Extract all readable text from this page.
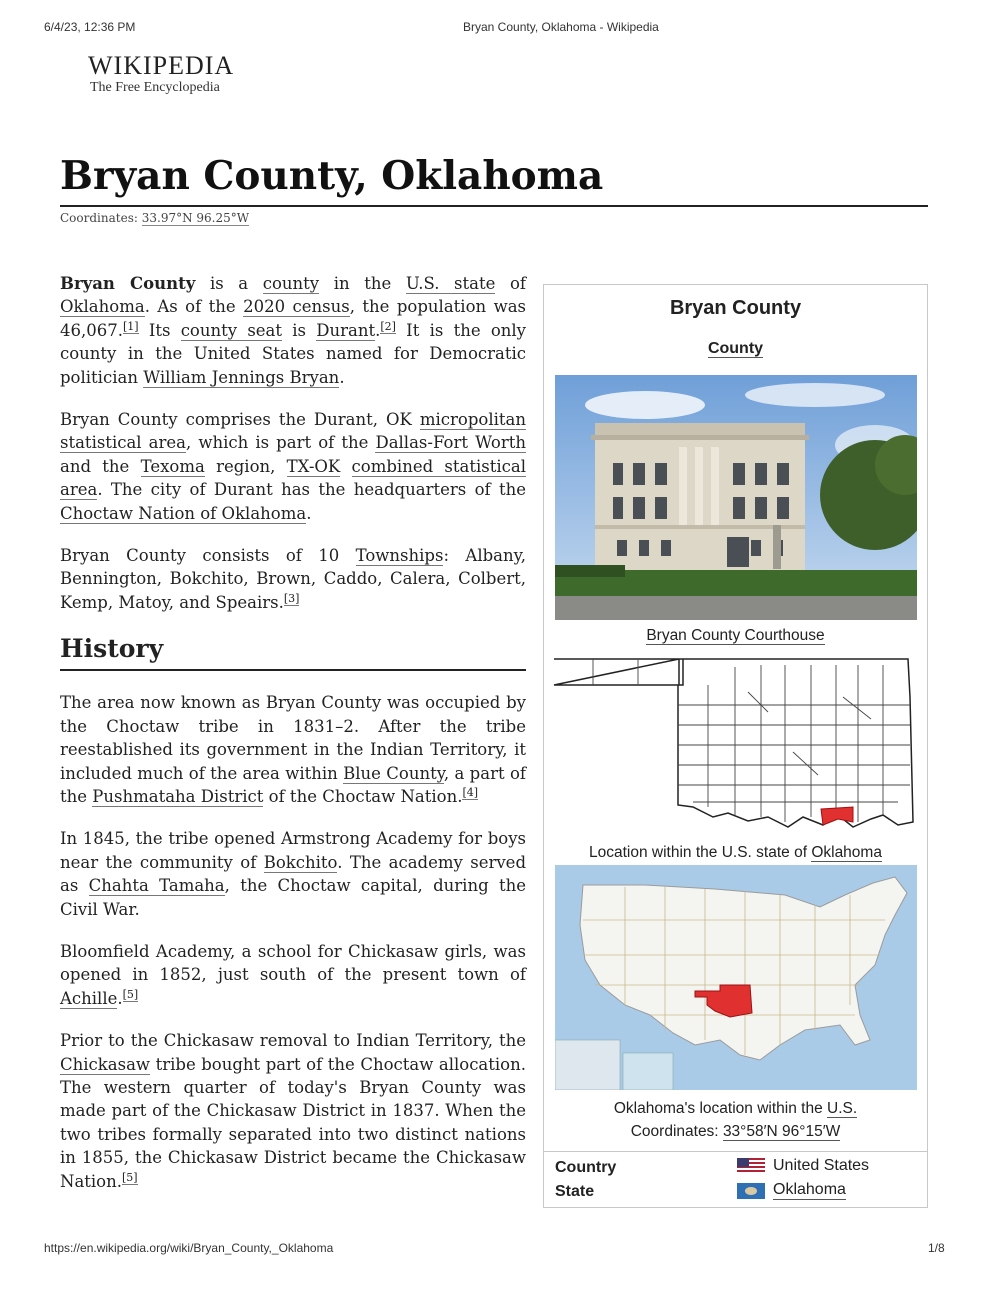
6/4/23, 12:36 PM	Bryan County, Oklahoma - Wikipedia
https://en.wikipedia.org/wiki/Bryan_County,_Oklahoma	1/8
WIKIPEDIA
The Free Encyclopedia
Bryan County, Oklahoma
Coordinates: 33.97°N 96.25°W

Bryan County is a county in the U.S. state of Oklahoma. As of the 2020 census, the population was 46,067.[1] Its county seat is Durant.[2] It is the only county in the United States named for Democratic politician William Jennings Bryan.

Bryan County comprises the Durant, OK micropolitan statistical area, which is part of the Dallas-Fort Worth and the Texoma region, TX-OK combined statistical area. The city of Durant has the headquarters of the Choctaw Nation of Oklahoma.

Bryan County consists of 10 Townships: Albany, Bennington, Bokchito, Brown, Caddo, Calera, Colbert, Kemp, Matoy, and Speairs.[3]

History

The area now known as Bryan County was occupied by the Choctaw tribe in 1831–2. After the tribe reestablished its government in the Indian Territory, it included much of the area within Blue County, a part of the Pushmataha District of the Choctaw Nation.[4]

In 1845, the tribe opened Armstrong Academy for boys near the community of Bokchito. The academy served as Chahta Tamaha, the Choctaw capital, during the Civil War.

Bloomfield Academy, a school for Chickasaw girls, was opened in 1852, just south of the present town of Achille.[5]

Prior to the Chickasaw removal to Indian Territory, the Chickasaw tribe bought part of the Choctaw allocation. The western quarter of today's Bryan County was made part of the Chickasaw District in 1837. When the two tribes formally separated into two distinct nations in 1855, the Chickasaw District became the Chickasaw Nation.[5]

Bryan County
County
Bryan County Courthouse
Location within the U.S. state of Oklahoma
Oklahoma's location within the U.S.
Coordinates: 33°58′N 96°15′W
Country	United States
State	Oklahoma
